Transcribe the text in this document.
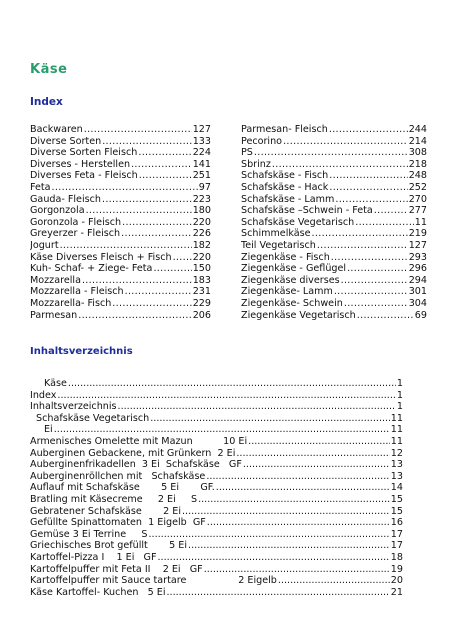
Käse
Index
Backwaren .....	127
Diverse Sorten .....	133
Diverse Sorten Fleisch .....	224
Diverses - Herstellen .....	141
Diverses Feta - Fleisch .....	251
Feta .....	97
Gauda- Fleisch .....	223
Gorgonzola .....	180
Goronzola - Fleisch .....	220
Greyerzer - Fleisch .....	226
Jogurt .....	182
Käse Diverses Fleisch + Fisch ..... 220
Kuh- Schaf- + Ziege- Feta .....	150
Mozzarella .....	183
Mozzarella - Fleisch .....	231
Mozzarella- Fisch .....	229
Parmesan .....	206
Parmesan- Fleisch .....	244
Pecorino .....	214
PS .....	308
Sbrinz .....	218
Schafskäse - Fisch .....	248
Schafskäse - Hack .....	252
Schafskäse - Lamm .....	270
Schafskäse –Schwein - Feta .....	277
Schafskäse Vegetarisch .....	11
Schimmelkäse .....	219
Teil Vegetarisch .....	127
Ziegenkäse - Fisch .....	293
Ziegenkäse - Geflügel .....	296
Ziegenkäse diverses .....	294
Ziegenkäse- Lamm .....	301
Ziegenkäse- Schwein .....	304
Ziegenkäse Vegetarisch .....	69
Inhaltsverzeichnis
Käse .....	1
Index .....	1
Inhaltsverzeichnis .....	1
Schafskäse Vegetarisch .....	11
Ei .....	11
Armenisches Omelette mit Mazun          10 Ei .....	11
Auberginen Gebackene, mit Grünkern  2 Ei .....	12
Auberginenfrikadellen  3 Ei  Schafskäse   GF .....	13
Auberginenröllchen mit   Schafskäse .....	13
Auflauf mit Schafskäse       5 Ei       GF. .....	14
Bratling mit Käsecreme     2 Ei     S .....	15
Gebratener Schafskäse       2 Ei .....	15
Gefüllte Spinattomaten  1 Eigelb  GF .....	16
Gemüse 3 Ei Terrine     S .....	17
Griechisches Brot gefüllt       5 Ei .....	17
Kartoffel-Pizza I    1 Ei   GF .....	18
Kartoffelpuffer mit Feta II    2 Ei   GF .....	19
Kartoffelpuffer mit Sauce tartare                 2 Eigelb .....	20
Käse Kartoffel- Kuchen   5 Ei .....	21
